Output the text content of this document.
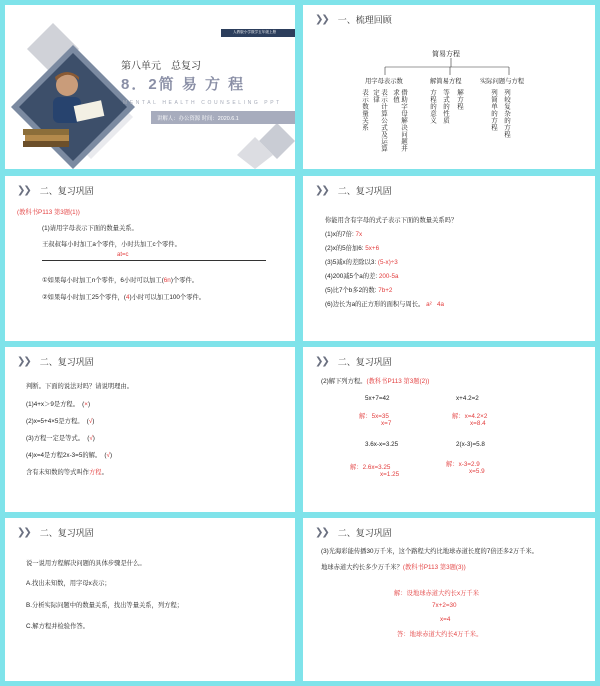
人教版小学数学五年级上册
第八单元　总复习
8．2简 易 方 程
MENTAL HEALTH COUNSELING PPT
讲解人：办公资源 时间：2020.6.1
❯❯ 一、梳理回顾
简易方程
用字母表示数	解简易方程	实际问题与方程
表示数量关系	表示计算公式及运算定律	借助字母解决问题并求值	方程的意义 等式的性质 解方程	列简单的方程 列较复杂的方程
❯❯ 二、复习巩固
(教科书P113 第3题(1))
(1)请用字母表示下面的数量关系。
王叔叔每小时加工a个零件，小时共加工c个零件。
at=c
①如果每小时加工n个零件，6小时可以加工(6n)个零件。
②如果每小时加工25个零件，(4)小时可以加工100个零件。
❯❯ 二、复习巩固
你能用含有字母的式子表示下面的数量关系吗？
(1)x的7倍: 7x
(2)x的5倍加6: 5x+6
(3)5减x的差除以3: (5-x)÷3
(4)200减5个a的差: 200-5a
(5)比7个b多2的数: 7b+2
(6)边长为a的正方形的面积与周长。 a²   4a
❯❯ 二、复习巩固
判断。下面的说法对吗？请说明理由。
(1)4+x＞9是方程。　(×)
(2)x=5+4×5是方程。　(√)
(3)方程一定是等式。　(√)
(4)x=4是方程2x-3=5的解。　(√)
含有未知数的等式叫作方程。
❯❯ 二、复习巩固
(2)解下列方程。(教科书P113 第3题(2))
5x+7=42
解：5x=35
x=7
x+4.2=2
解：x=4.2×2
x=8.4
3.6x-x=3.25
解：2.6x=3.25
x=1.25
2(x-3)=5.8
解：x-3=2.9
x=5.9
❯❯ 二、复习巩固
说一说用方程解决问题的具体步骤是什么。
A.找出未知数，用字母x表示；
B.分析实际问题中的数量关系，找出等量关系，列方程；
C.解方程并检验作答。
❯❯ 二、复习巩固
(3)光海彩能传播30万千米，这个路程大约比地球赤道长度的7倍还多2万千米。
地球赤道大约长多少万千米？(教科书P113 第3题(3))
解：设地球赤道大约长x万千米
7x+2=30
x=4
答：地球赤道大约长4万千米。
